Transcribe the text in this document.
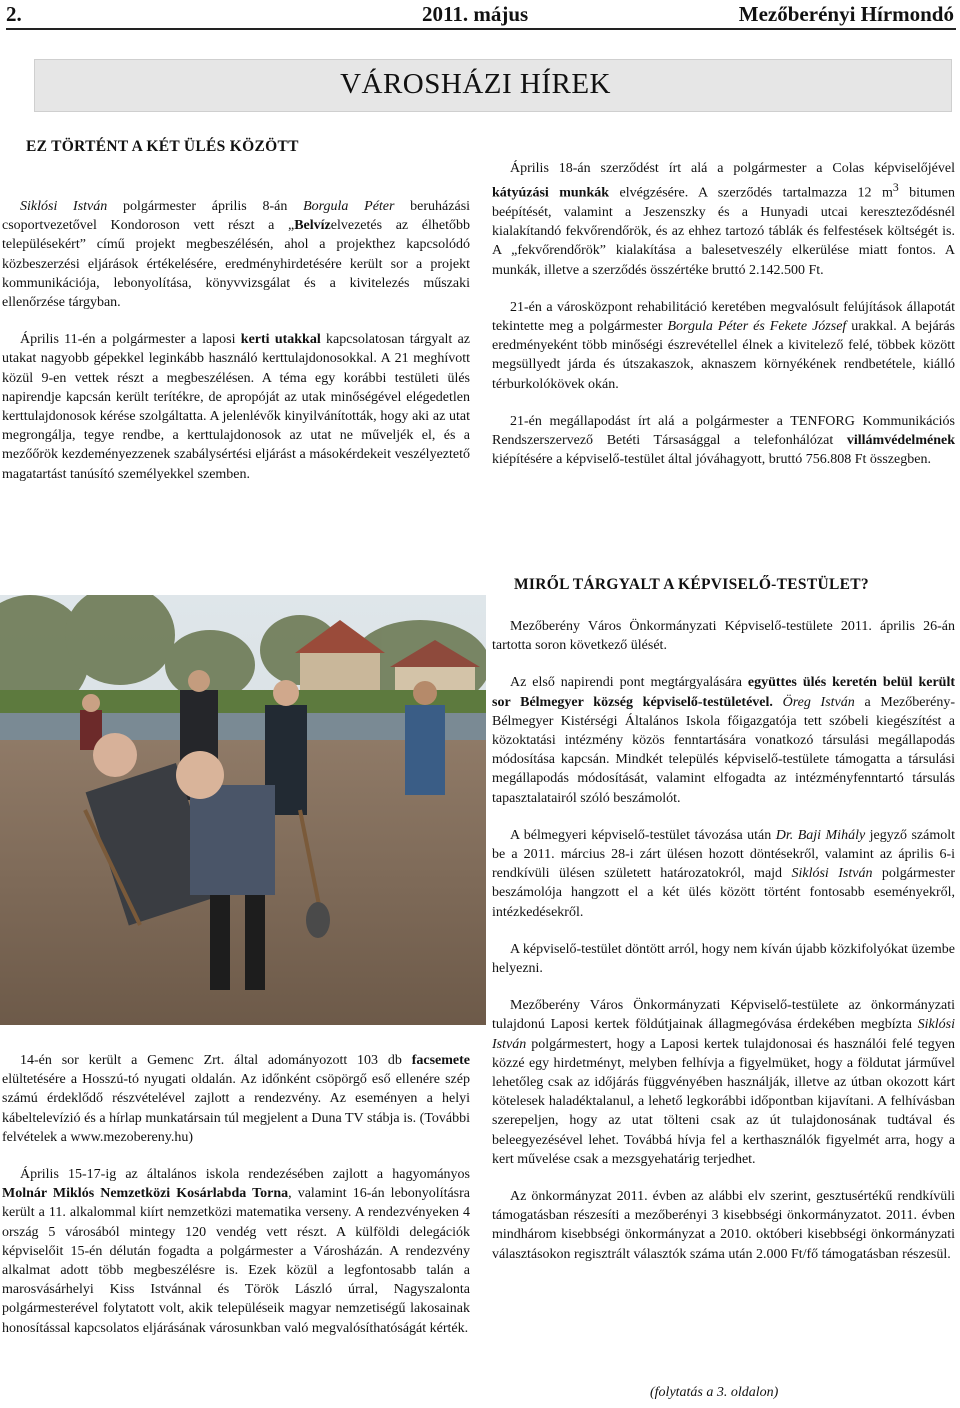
2.	2011. május	Mezőberényi Hírmondó
VÁROSHÁZI HÍREK
EZ TÖRTÉNT A KÉT ÜLÉS KÖZÖTT

Siklósi István polgármester április 8-án Borgula Péter beruházási csoportvezetővel Kondoroson vett részt a „Belvízelvezetés az élhetőbb településekért” című projekt megbeszélésén, ahol a projekthez kapcsolódó közbeszerzési eljárások értékelésére, eredményhirdetésére került sor a projekt kommunikációja, lebonyolítása, könyvvizsgálat és a kivitelezés műszaki ellenőrzése tárgyban.

Április 11-én a polgármester a laposi kerti utakkal kapcsolatosan tárgyalt az utakat nagyobb gépekkel leginkább használó kerttulajdonosokkal. A 21 meghívott közül 9-en vettek részt a megbeszélésen. A téma egy korábbi testületi ülés napirendje kapcsán került terítékre, de apropóját az utak minőségével elégedetlen kerttulajdonosok kérése szolgáltatta. A jelenlévők kinyilvánították, hogy aki az utat megrongálja, tegye rendbe, a kerttulajdonosok az utat ne műveljék el, és a mezőőrök kezdeményezzenek szabálysértési eljárást a másokérdekeit veszélyeztető magatartást tanúsító személyekkel szemben.

14-én sor került a Gemenc Zrt. által adományozott 103 db facsemete elültetésére a Hosszú-tó nyugati oldalán. Az időnként csöpörgő eső ellenére szép számú érdeklődő részvételével zajlott a rendezvény. Az eseményen a helyi kábeltelevízió és a hírlap munkatársain túl megjelent a Duna TV stábja is. (További felvételek a www.mezobereny.hu)

Április 15-17-ig az általános iskola rendezésében zajlott a hagyományos Molnár Miklós Nemzetközi Kosárlabda Torna, valamint 16-án lebonyolításra került a 11. alkalommal kiírt nemzetközi matematika verseny. A rendezvényeken 4 ország 5 városából mintegy 120 vendég vett részt. A külföldi delegációk képviselőit 15-én délután fogadta a polgármester a Városházán. A rendezvény alkalmat adott több megbeszélésre is. Ezek közül a legfontosabb talán a marosvásárhelyi Kiss Istvánnal és Török László úrral, Nagyszalonta polgármesterével folytatott volt, akik településeik magyar nemzetiségű lakosainak honosítással kapcsolatos eljárásának városunkban való megvalósíthatóságát kérték.

Április 18-án szerződést írt alá a polgármester a Colas képviselőjével kátyúzási munkák elvégzésére. A szerződés tartalmazza 12 $m^3$ bitumen beépítését, valamint a Jeszenszky és a Hunyadi utcai kereszteződésnél kialakítandó fekvőrendőrök, és az ehhez tartozó táblák és felfestések költségét is. A „fekvőrendőrök” kialakítása a balesetveszély elkerülése miatt fontos. A munkák, illetve a szerződés összértéke bruttó 2.142.500 Ft.

21-én a városközpont rehabilitáció keretében megvalósult felújítások állapotát tekintette meg a polgármester Borgula Péter és Fekete József urakkal. A bejárás eredményeként több minőségi észrevétellel élnek a kivitelező felé, többek között megsüllyedt járda és útszakaszok, aknaszem környékének rendbetétele, kiálló térburkolókövek okán.

21-én megállapodást írt alá a polgármester a TENFORG Kommunikációs Rendszerszervező Betéti Társasággal a telefonhálózat villámvédelmének kiépítésére a képviselő-testület által jóváhagyott, bruttó 756.808 Ft összegben.

MIRŐL TÁRGYALT A KÉPVISELŐ-TESTÜLET?

Mezőberény Város Önkormányzati Képviselő-testülete 2011. április 26-án tartotta soron következő ülését.

Az első napirendi pont megtárgyalására együttes ülés keretén belül került sor Bélmegyer község képviselő-testületével. Öreg István a Mezőberény-Bélmegyer Kistérségi Általános Iskola főigazgatója tett szóbeli kiegészítést a közoktatási intézmény közös fenntartására vonatkozó társulási megállapodás módosítása kapcsán. Mindkét település képviselő-testülete támogatta a társulási megállapodás módosítását, valamint elfogadta az intézményfenntartó társulás tapasztalatairól szóló beszámolót.

A bélmegyeri képviselő-testület távozása után Dr. Baji Mihály jegyző számolt be a 2011. március 28-i zárt ülésen hozott döntésekről, valamint az április 6-i rendkívüli ülésen született határozatokról, majd Siklósi István polgármester beszámolója hangzott el a két ülés között történt fontosabb eseményekről, intézkedésekről.

A képviselő-testület döntött arról, hogy nem kíván újabb közkifolyókat üzembe helyezni.

Mezőberény Város Önkormányzati Képviselő-testülete az önkormányzati tulajdonú Laposi kertek földútjainak állagmegóvása érdekében megbízta Siklósi István polgármestert, hogy a Laposi kertek tulajdonosai és használói felé tegyen közzé egy hirdetményt, melyben felhívja a figyelmüket, hogy a földutat járművel lehetőleg csak az időjárás függvényében használják, illetve az útban okozott kárt kötelesek haladéktalanul, a lehető legkorábbi időpontban kijavítani. A felhívásban szerepeljen, hogy az utat tölteni csak az út tulajdonosának tudtával és beleegyezésével lehet. Továbbá hívja fel a kerthasználók figyelmét arra, hogy a kert művelése csak a mezsgyehatárig terjedhet.

Az önkormányzat 2011. évben az alábbi elv szerint, gesztusértékű rendkívüli támogatásban részesíti a mezőberényi 3 kisebbségi önkormányzatot. 2011. évben mindhárom kisebbségi önkormányzat a 2010. októberi kisebbségi önkormányzati választásokon regisztrált választók száma után 2.000 Ft/fő támogatásban részesül.

(folytatás a 3. oldalon)
